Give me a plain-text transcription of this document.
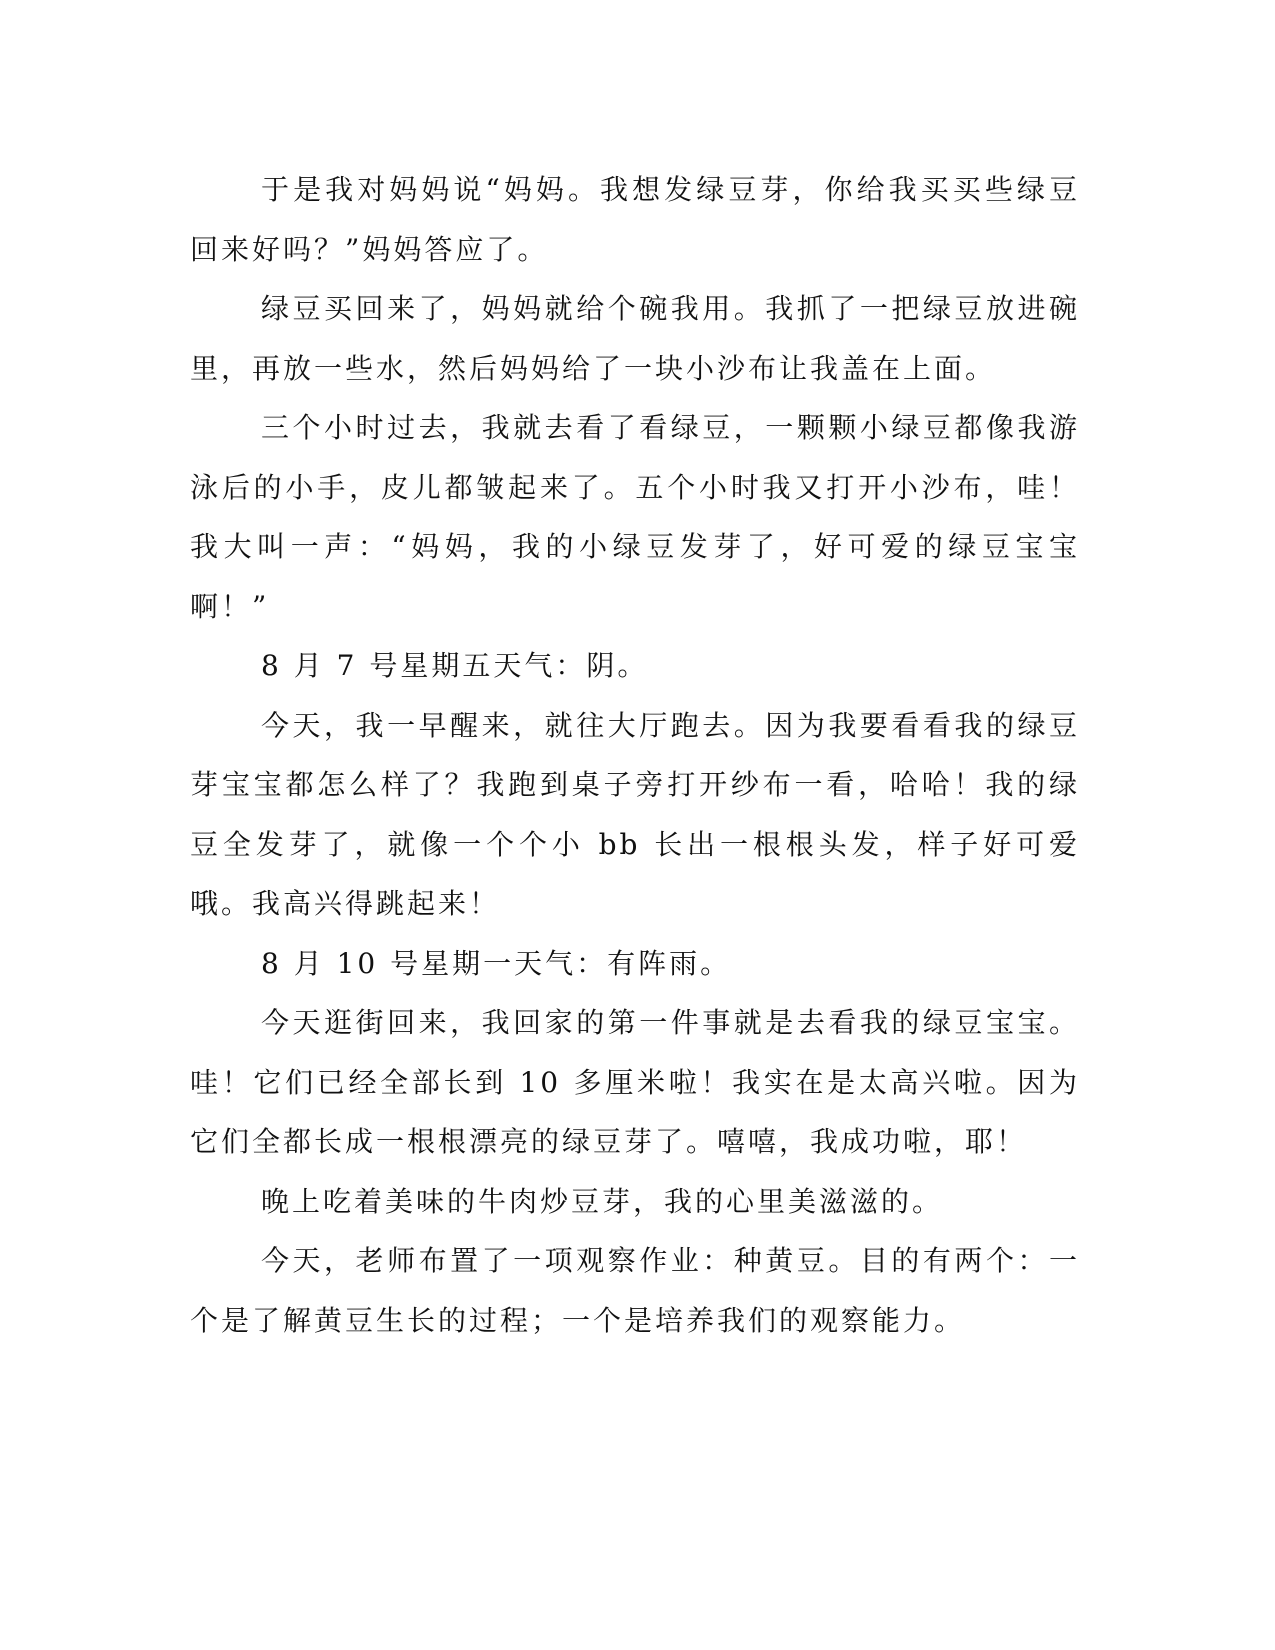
于是我对妈妈说“妈妈。我想发绿豆芽，你给我买买些绿豆回来好吗？”妈妈答应了。

绿豆买回来了，妈妈就给个碗我用。我抓了一把绿豆放进碗里，再放一些水，然后妈妈给了一块小沙布让我盖在上面。

三个小时过去，我就去看了看绿豆，一颗颗小绿豆都像我游泳后的小手，皮儿都皱起来了。五个小时我又打开小沙布，哇！我大叫一声：“妈妈，我的小绿豆发芽了，好可爱的绿豆宝宝啊！”

8 月 7 号星期五天气：阴。

今天，我一早醒来，就往大厅跑去。因为我要看看我的绿豆芽宝宝都怎么样了？我跑到桌子旁打开纱布一看，哈哈！我的绿豆全发芽了，就像一个个小 bb 长出一根根头发，样子好可爱哦。我高兴得跳起来！

8 月 10 号星期一天气：有阵雨。

今天逛街回来，我回家的第一件事就是去看我的绿豆宝宝。哇！它们已经全部长到 10 多厘米啦！我实在是太高兴啦。因为它们全都长成一根根漂亮的绿豆芽了。嘻嘻，我成功啦，耶！

晚上吃着美味的牛肉炒豆芽，我的心里美滋滋的。

今天，老师布置了一项观察作业：种黄豆。目的有两个：一个是了解黄豆生长的过程；一个是培养我们的观察能力。
